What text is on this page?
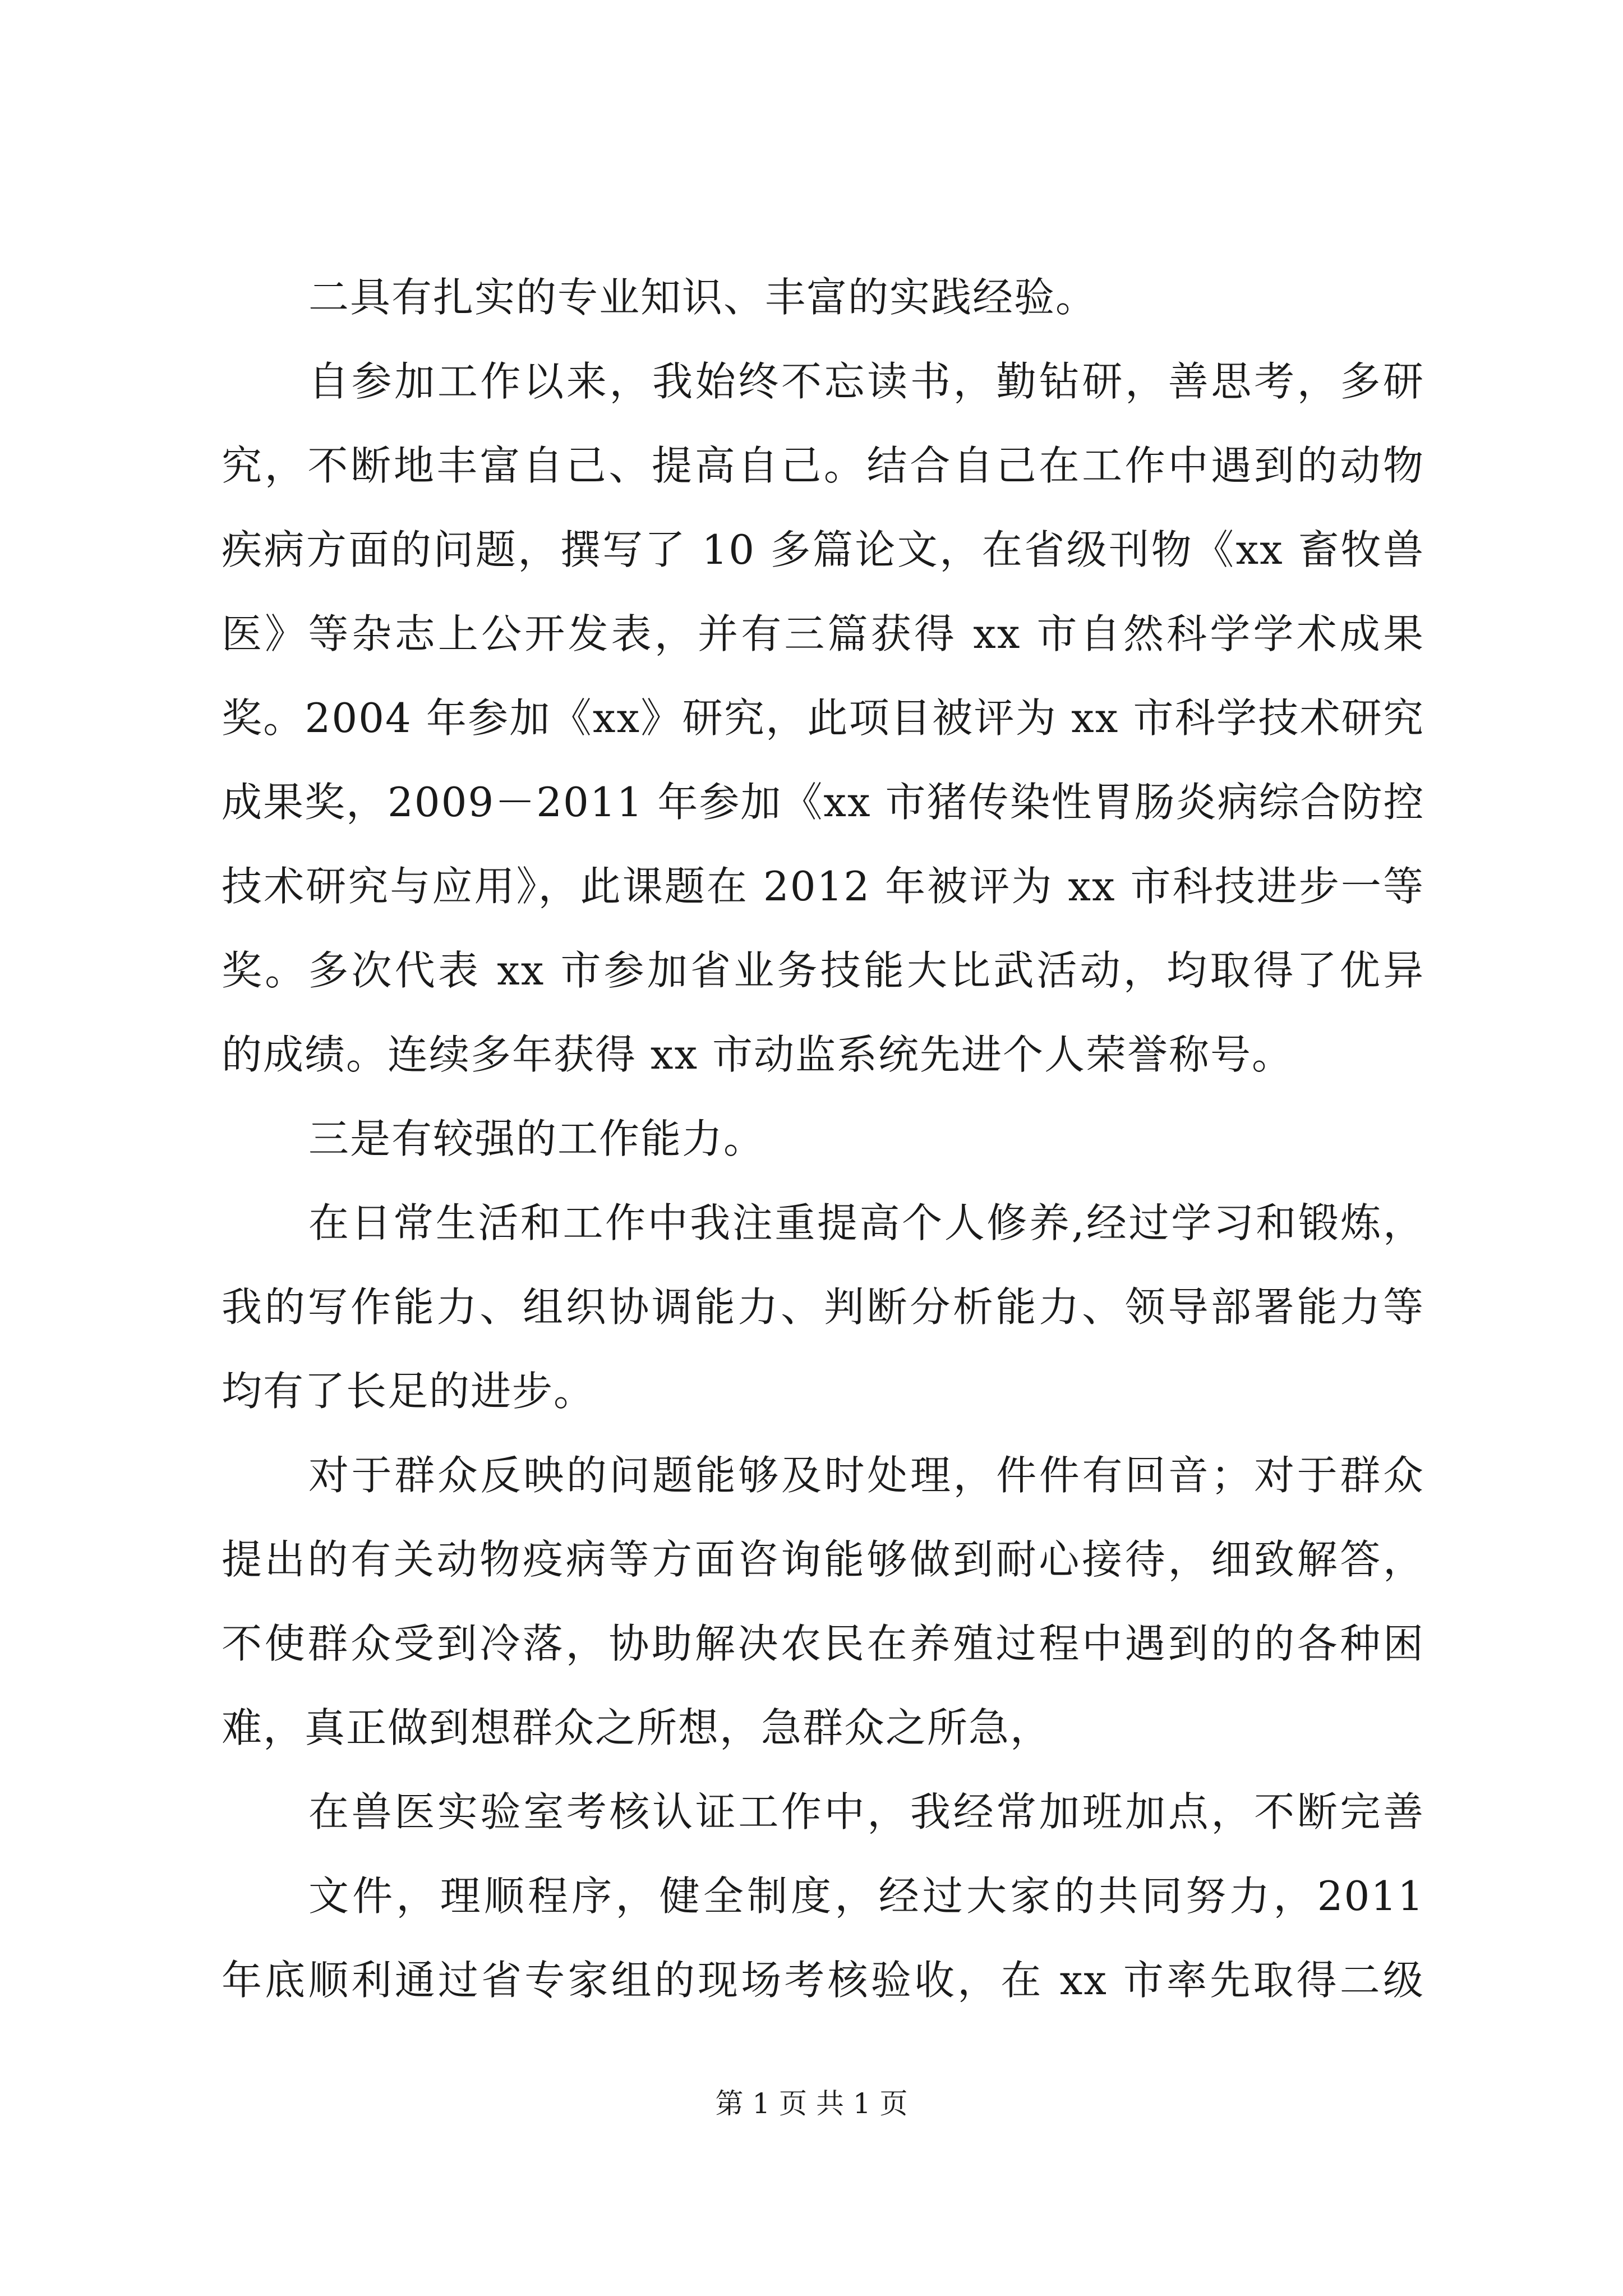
二具有扎实的专业知识、丰富的实践经验。
自参加工作以来，我始终不忘读书，勤钻研，善思考，多研
究，不断地丰富自己、提高自己。结合自己在工作中遇到的动物
疾病方面的问题，撰写了 10 多篇论文，在省级刊物《xx 畜牧兽
医》等杂志上公开发表，并有三篇获得 xx 市自然科学学术成果
奖。2004 年参加《xx》研究，此项目被评为 xx 市科学技术研究
成果奖，2009－2011 年参加《xx 市猪传染性胃肠炎病综合防控
技术研究与应用》，此课题在 2012 年被评为 xx 市科技进步一等
奖。多次代表 xx 市参加省业务技能大比武活动，均取得了优异
的成绩。连续多年获得 xx 市动监系统先进个人荣誉称号。
三是有较强的工作能力。
在日常生活和工作中我注重提高个人修养,经过学习和锻炼，
我的写作能力、组织协调能力、判断分析能力、领导部署能力等
均有了长足的进步。
对于群众反映的问题能够及时处理，件件有回音；对于群众
提出的有关动物疫病等方面咨询能够做到耐心接待，细致解答，
不使群众受到冷落，协助解决农民在养殖过程中遇到的的各种困
难，真正做到想群众之所想，急群众之所急，
在兽医实验室考核认证工作中，我经常加班加点，不断完善
文件，理顺程序，健全制度，经过大家的共同努力，2011
年底顺利通过省专家组的现场考核验收，在 xx 市率先取得二级
第 1 页 共 1 页
